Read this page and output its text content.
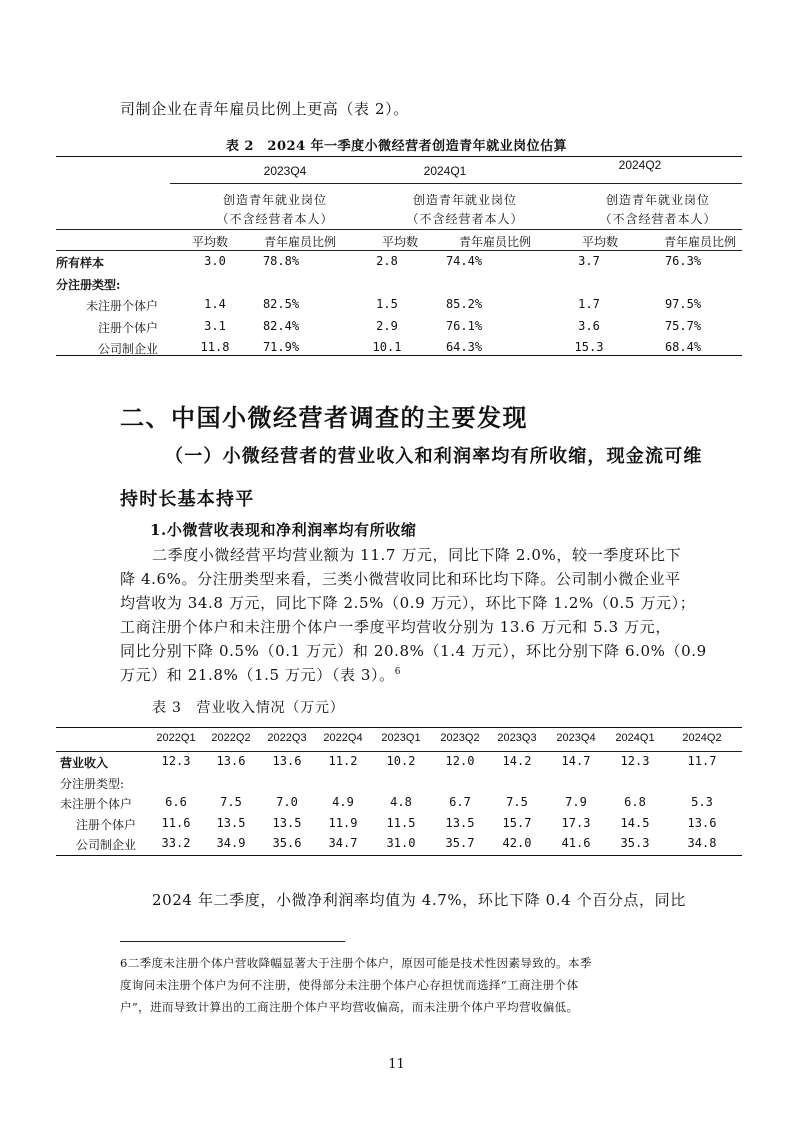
司制企业在青年雇员比例上更高（表 2）。
表 2　2024 年一季度小微经营者创造青年就业岗位估算
2023Q4	2024Q1	2024Q2
创造青年就业岗位
（不含经营者本人）
创造青年就业岗位
（不含经营者本人）
创造青年就业岗位
（不含经营者本人）
平均数	青年雇员比例	平均数	青年雇员比例	平均数	青年雇员比例
所有样本	3.0	78.8%	2.8	74.4%	3.7	76.3%
分注册类型:
未注册个体户	1.4	82.5%	1.5	85.2%	1.7	97.5%
注册个体户	3.1	82.4%	2.9	76.1%	3.6	75.7%
公司制企业	11.8	71.9%	10.1	64.3%	15.3	68.4%
二、中国小微经营者调查的主要发现
（一）小微经营者的营业收入和利润率均有所收缩，现金流可维
持时长基本持平
1.小微营收表现和净利润率均有所收缩
二季度小微经营平均营业额为 11.7 万元，同比下降 2.0%，较一季度环比下
降 4.6%。分注册类型来看，三类小微营收同比和环比均下降。公司制小微企业平
均营收为 34.8 万元，同比下降 2.5%（0.9 万元），环比下降 1.2%（0.5 万元）；
工商注册个体户和未注册个体户一季度平均营收分别为 13.6 万元和 5.3 万元，
同比分别下降 0.5%（0.1 万元）和 20.8%（1.4 万元），环比分别下降 6.0%（0.9
万元）和 21.8%（1.5 万元）（表 3）。$^6$
表 3　营业收入情况（万元）
2022Q1	2022Q2	2022Q3	2022Q4	2023Q1	2023Q2	2023Q3	2023Q4	2024Q1	2024Q2
营业收入	12.3	13.6	13.6	11.2	10.2	12.0	14.2	14.7	12.3	11.7
分注册类型:
未注册个体户	6.6	7.5	7.0	4.9	4.8	6.7	7.5	7.9	6.8	5.3
注册个体户	11.6	13.5	13.5	11.9	11.5	13.5	15.7	17.3	14.5	13.6
公司制企业	33.2	34.9	35.6	34.7	31.0	35.7	42.0	41.6	35.3	34.8
2024 年二季度，小微净利润率均值为 4.7%，环比下降 0.4 个百分点，同比
6二季度未注册个体户营收降幅显著大于注册个体户，原因可能是技术性因素导致的。本季
度询问未注册个体户为何不注册，使得部分未注册个体户心存担忧而选择“工商注册个体
户”，进而导致计算出的工商注册个体户平均营收偏高，而未注册个体户平均营收偏低。
11
